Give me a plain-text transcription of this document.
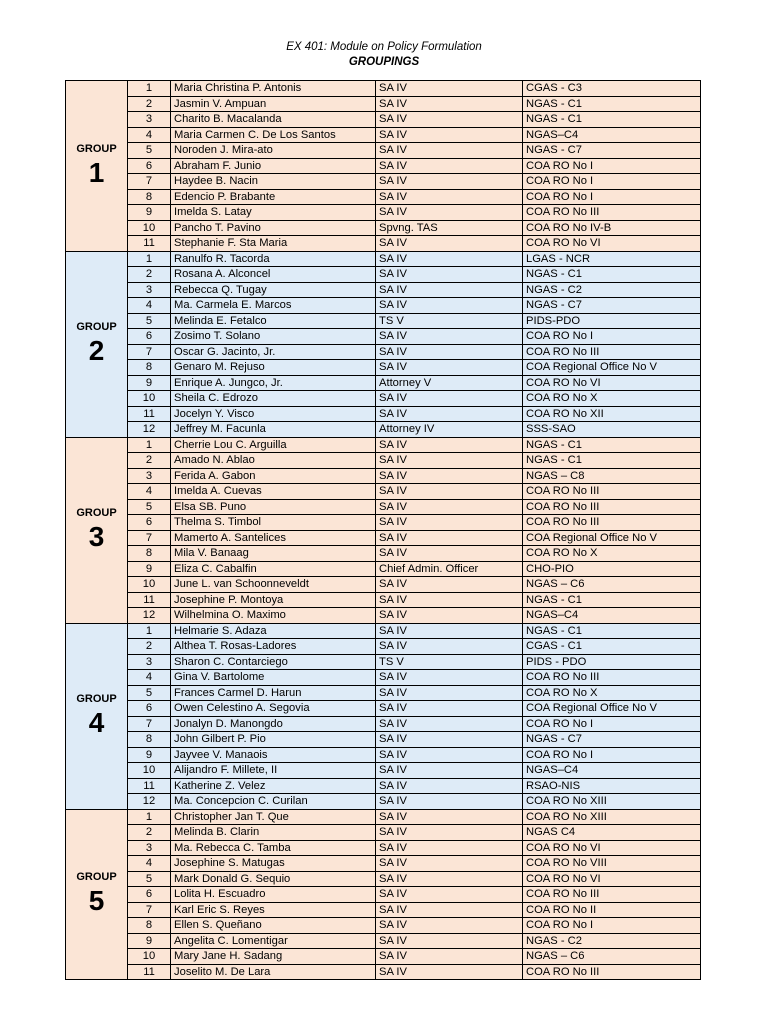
EX 401: Module on Policy Formulation
GROUPINGS
GROUP
1	1	Maria Christina P. Antonis	SA IV	CGAS - C3
	2	Jasmin V. Ampuan	SA IV	NGAS - C1
	3	Charito B. Macalanda	SA IV	NGAS - C1
	4	Maria Carmen C. De Los Santos	SA IV	NGAS–C4
	5	Noroden J. Mira-ato	SA IV	NGAS - C7
	6	Abraham F. Junio	SA IV	COA RO No I
	7	Haydee B. Nacin	SA IV	COA RO No I
	8	Edencio P. Brabante	SA IV	COA RO No I
	9	Imelda S. Latay	SA IV	COA RO No III
	10	Pancho T. Pavino	Spvng. TAS	COA RO No IV-B
	11	Stephanie F. Sta Maria	SA IV	COA RO No VI

GROUP
2	1	Ranulfo R. Tacorda	SA IV	LGAS - NCR
	2	Rosana A. Alconcel	SA IV	NGAS - C1
	3	Rebecca Q. Tugay	SA IV	NGAS - C2
	4	Ma. Carmela E. Marcos	SA IV	NGAS - C7
	5	Melinda E. Fetalco	TS V	PIDS-PDO
	6	Zosimo T. Solano	SA IV	COA RO No I
	7	Oscar G. Jacinto, Jr.	SA IV	COA RO No III
	8	Genaro M. Rejuso	SA IV	COA Regional Office No V
	9	Enrique A. Jungco, Jr.	Attorney V	COA RO No VI
	10	Sheila C. Edrozo	SA IV	COA RO No X
	11	Jocelyn Y. Visco	SA IV	COA RO No XII
	12	Jeffrey M. Facunla	Attorney IV	SSS-SAO

GROUP
3	1	Cherrie Lou C. Arguilla	SA IV	NGAS - C1
	2	Amado N. Ablao	SA IV	NGAS - C1
	3	Ferida A. Gabon	SA IV	NGAS – C8
	4	Imelda A. Cuevas	SA IV	COA RO No III
	5	Elsa SB. Puno	SA IV	COA RO No III
	6	Thelma S. Timbol	SA IV	COA RO No III
	7	Mamerto A. Santelices	SA IV	COA Regional Office No V
	8	Mila V. Banaag	SA IV	COA RO No X
	9	Eliza C. Cabalfin	Chief Admin. Officer	CHO-PIO
	10	June L. van Schoonneveldt	SA IV	NGAS – C6
	11	Josephine P. Montoya	SA IV	NGAS - C1
	12	Wilhelmina O. Maximo	SA IV	NGAS–C4

GROUP
4	1	Helmarie S. Adaza	SA IV	NGAS - C1
	2	Althea T. Rosas-Ladores	SA IV	CGAS - C1
	3	Sharon C. Contarciego	TS V	PIDS - PDO
	4	Gina V. Bartolome	SA IV	COA RO No III
	5	Frances Carmel D. Harun	SA IV	COA RO No X
	6	Owen Celestino A. Segovia	SA IV	COA Regional Office No V
	7	Jonalyn D. Manongdo	SA IV	COA RO No I
	8	John Gilbert P. Pio	SA IV	NGAS - C7
	9	Jayvee V. Manaois	SA IV	COA RO No I
	10	Alijandro F. Millete, II	SA IV	NGAS–C4
	11	Katherine Z. Velez	SA IV	RSAO-NIS
	12	Ma. Concepcion C. Curilan	SA IV	COA RO No XIII

GROUP
5	1	Christopher Jan T. Que	SA IV	COA RO No XIII
	2	Melinda B. Clarin	SA IV	NGAS C4
	3	Ma. Rebecca C. Tamba	SA IV	COA RO No VI
	4	Josephine S. Matugas	SA IV	COA RO No VIII
	5	Mark Donald G. Sequio	SA IV	COA RO No VI
	6	Lolita H. Escuadro	SA IV	COA RO No III
	7	Karl Eric S. Reyes	SA IV	COA RO No II
	8	Ellen S. Queñano	SA IV	COA RO No I
	9	Angelita C. Lomentigar	SA IV	NGAS - C2
	10	Mary Jane H. Sadang	SA IV	NGAS – C6
	11	Joselito M. De Lara	SA IV	COA RO No III
